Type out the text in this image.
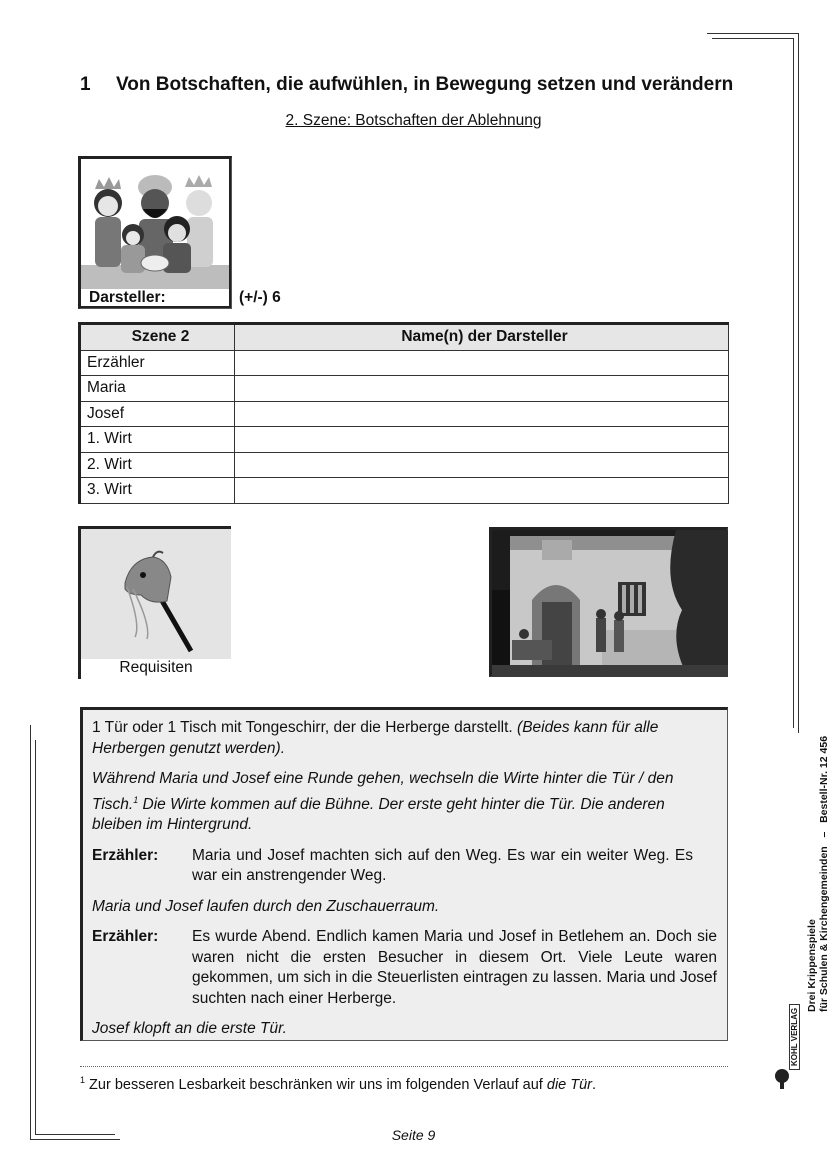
1 Von Botschaften, die aufwühlen, in Bewegung setzen und verändern
2. Szene: Botschaften der Ablehnung
Darsteller:	(+/-) 6
Szene 2	Name(n) der Darsteller
Erzähler	
Maria	
Josef	
1. Wirt	
2. Wirt	
3. Wirt	
Requisiten

1 Tür oder 1 Tisch mit Tongeschirr, der die Herberge darstellt. (Beides kann für alle Herbergen genutzt werden).

Während Maria und Josef eine Runde gehen, wechseln die Wirte hinter die Tür / den Tisch.$^1$ Die Wirte kommen auf die Bühne. Der erste geht hinter die Tür. Die anderen bleiben im Hintergrund.

Erzähler:	Maria und Josef machten sich auf den Weg. Es war ein weiter Weg. Es war ein anstrengender Weg.

Maria und Josef laufen durch den Zuschauerraum.

Erzähler:	Es wurde Abend. Endlich kamen Maria und Josef in Betlehem an. Doch sie waren nicht die ersten Besucher in diesem Ort. Viele Leute waren gekommen, um sich in die Steuerlisten eintragen zu lassen. Maria und Josef suchten nach einer Herberge.

Josef klopft an die erste Tür.

$^1$ Zur besseren Lesbarkeit beschränken wir uns im folgenden Verlauf auf die Tür.
Seite 9
Drei Krippenspiele für Schulen & Kirchengemeinden   –   Bestell-Nr. 12 456
KOHL VERLAG
